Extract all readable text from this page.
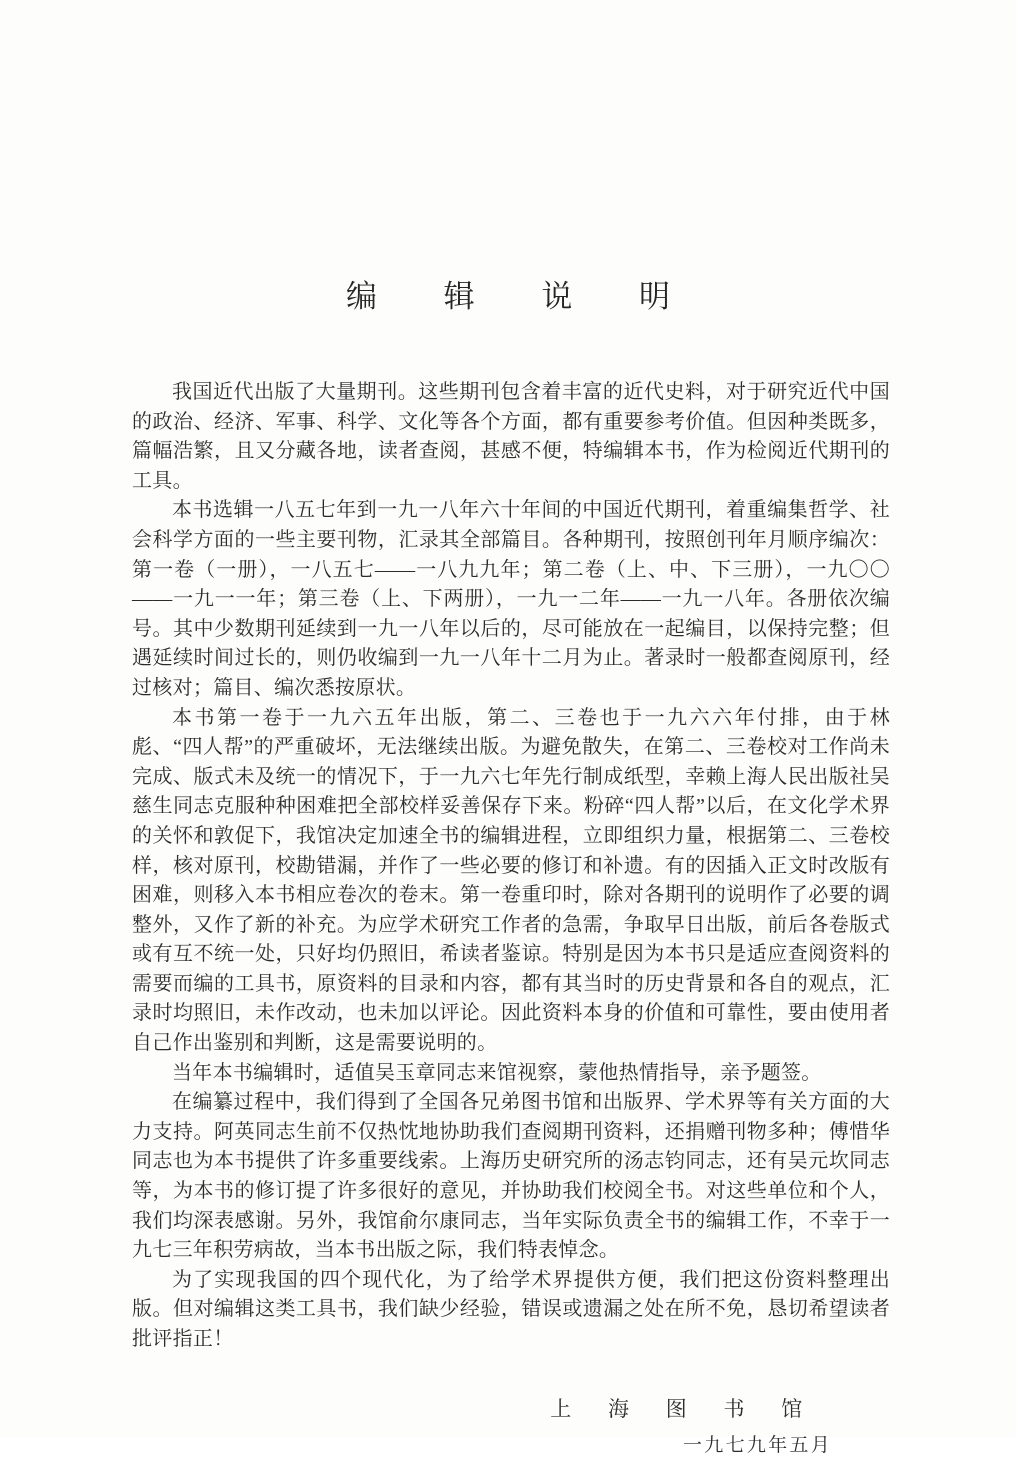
编 辑 说 明

我国近代出版了大量期刊。这些期刊包含着丰富的近代史料，对于研究近代中国的政治、经济、军事、科学、文化等各个方面，都有重要参考价值。但因种类既多，篇幅浩繁，且又分藏各地，读者查阅，甚感不便，特编辑本书，作为检阅近代期刊的工具。

本书选辑一八五七年到一九一八年六十年间的中国近代期刊，着重编集哲学、社会科学方面的一些主要刊物，汇录其全部篇目。各种期刊，按照创刊年月顺序编次：第一卷（一册），一八五七——一八九九年；第二卷（上、中、下三册），一九〇〇——一九一一年；第三卷（上、下两册），一九一二年——一九一八年。各册依次编号。其中少数期刊延续到一九一八年以后的，尽可能放在一起编目，以保持完整；但遇延续时间过长的，则仍收编到一九一八年十二月为止。著录时一般都查阅原刊，经过核对；篇目、编次悉按原状。

本书第一卷于一九六五年出版，第二、三卷也于一九六六年付排，由于林彪、“四人帮”的严重破坏，无法继续出版。为避免散失，在第二、三卷校对工作尚未完成、版式未及统一的情况下，于一九六七年先行制成纸型，幸赖上海人民出版社吴慈生同志克服种种困难把全部校样妥善保存下来。粉碎“四人帮”以后，在文化学术界的关怀和敦促下，我馆决定加速全书的编辑进程，立即组织力量，根据第二、三卷校样，核对原刊，校勘错漏，并作了一些必要的修订和补遗。有的因插入正文时改版有困难，则移入本书相应卷次的卷末。第一卷重印时，除对各期刊的说明作了必要的调整外，又作了新的补充。为应学术研究工作者的急需，争取早日出版，前后各卷版式或有互不统一处，只好均仍照旧，希读者鉴谅。特别是因为本书只是适应查阅资料的需要而编的工具书，原资料的目录和内容，都有其当时的历史背景和各自的观点，汇录时均照旧，未作改动，也未加以评论。因此资料本身的价值和可靠性，要由使用者自己作出鉴别和判断，这是需要说明的。

当年本书编辑时，适值吴玉章同志来馆视察，蒙他热情指导，亲予题签。

在编纂过程中，我们得到了全国各兄弟图书馆和出版界、学术界等有关方面的大力支持。阿英同志生前不仅热忱地协助我们查阅期刊资料，还捐赠刊物多种；傅惜华同志也为本书提供了许多重要线索。上海历史研究所的汤志钧同志，还有吴元坎同志等，为本书的修订提了许多很好的意见，并协助我们校阅全书。对这些单位和个人，我们均深表感谢。另外，我馆俞尔康同志，当年实际负责全书的编辑工作，不幸于一九七三年积劳病故，当本书出版之际，我们特表悼念。

为了实现我国的四个现代化，为了给学术界提供方便，我们把这份资料整理出版。但对编辑这类工具书，我们缺少经验，错误或遗漏之处在所不免，恳切希望读者批评指正！

上 海 图 书 馆
一九七九年五月
